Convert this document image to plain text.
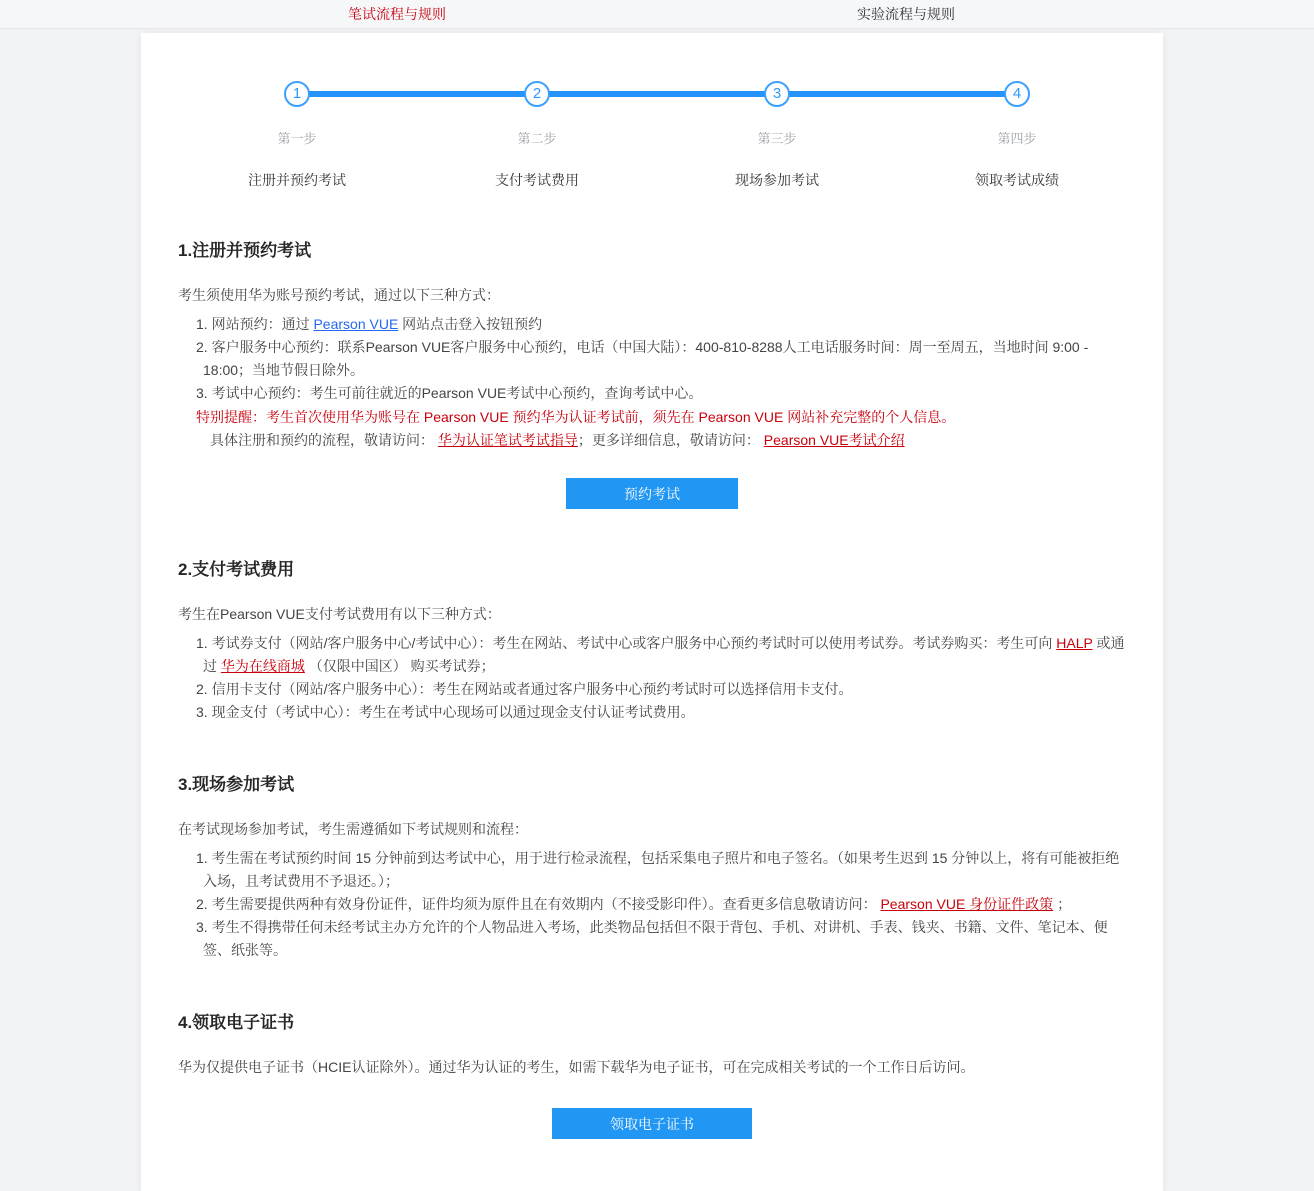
笔试流程与规则	实验流程与规则
1
第一步
注册并预约考试
2
第二步
支付考试费用
3
第三步
现场参加考试
4
第四步
领取考试成绩
1.注册并预约考试

考生须使用华为账号预约考试，通过以下三种方式：

网站预约：通过 Pearson VUE 网站点击登入按钮预约
客户服务中心预约：联系Pearson VUE客户服务中心预约，电话（中国大陆）：400-810-8288人工电话服务时间：周一至周五，当地时间 9:00 - 18:00；当地节假日除外。
考试中心预约：考生可前往就近的Pearson VUE考试中心预约，查询考试中心。

特别提醒：考生首次使用华为账号在 Pearson VUE 预约华为认证考试前，须先在 Pearson VUE 网站补充完整的个人信息。

具体注册和预约的流程，敬请访问： 华为认证笔试考试指导；更多详细信息，敬请访问： Pearson VUE考试介绍

预约考试
2.支付考试费用

考生在Pearson VUE支付考试费用有以下三种方式：

考试券支付（网站/客户服务中心/考试中心）：考生在网站、考试中心或客户服务中心预约考试时可以使用考试券。考试券购买：考生可向 HALP 或通过 华为在线商城 （仅限中国区） 购买考试券；
信用卡支付（网站/客户服务中心）：考生在网站或者通过客户服务中心预约考试时可以选择信用卡支付。
现金支付（考试中心）：考生在考试中心现场可以通过现金支付认证考试费用。
3.现场参加考试

在考试现场参加考试，考生需遵循如下考试规则和流程：

考生需在考试预约时间 15 分钟前到达考试中心，用于进行检录流程，包括采集电子照片和电子签名。（如果考生迟到 15 分钟以上，将有可能被拒绝入场，且考试费用不予退还。）；
考生需要提供两种有效身份证件，证件均须为原件且在有效期内（不接受影印件）。查看更多信息敬请访问： Pearson VUE 身份证件政策 ；
考生不得携带任何未经考试主办方允许的个人物品进入考场，此类物品包括但不限于背包、手机、对讲机、手表、钱夹、书籍、文件、笔记本、便签、纸张等。
4.领取电子证书

华为仅提供电子证书（HCIE认证除外）。通过华为认证的考生，如需下载华为电子证书，可在完成相关考试的一个工作日后访问。

领取电子证书
